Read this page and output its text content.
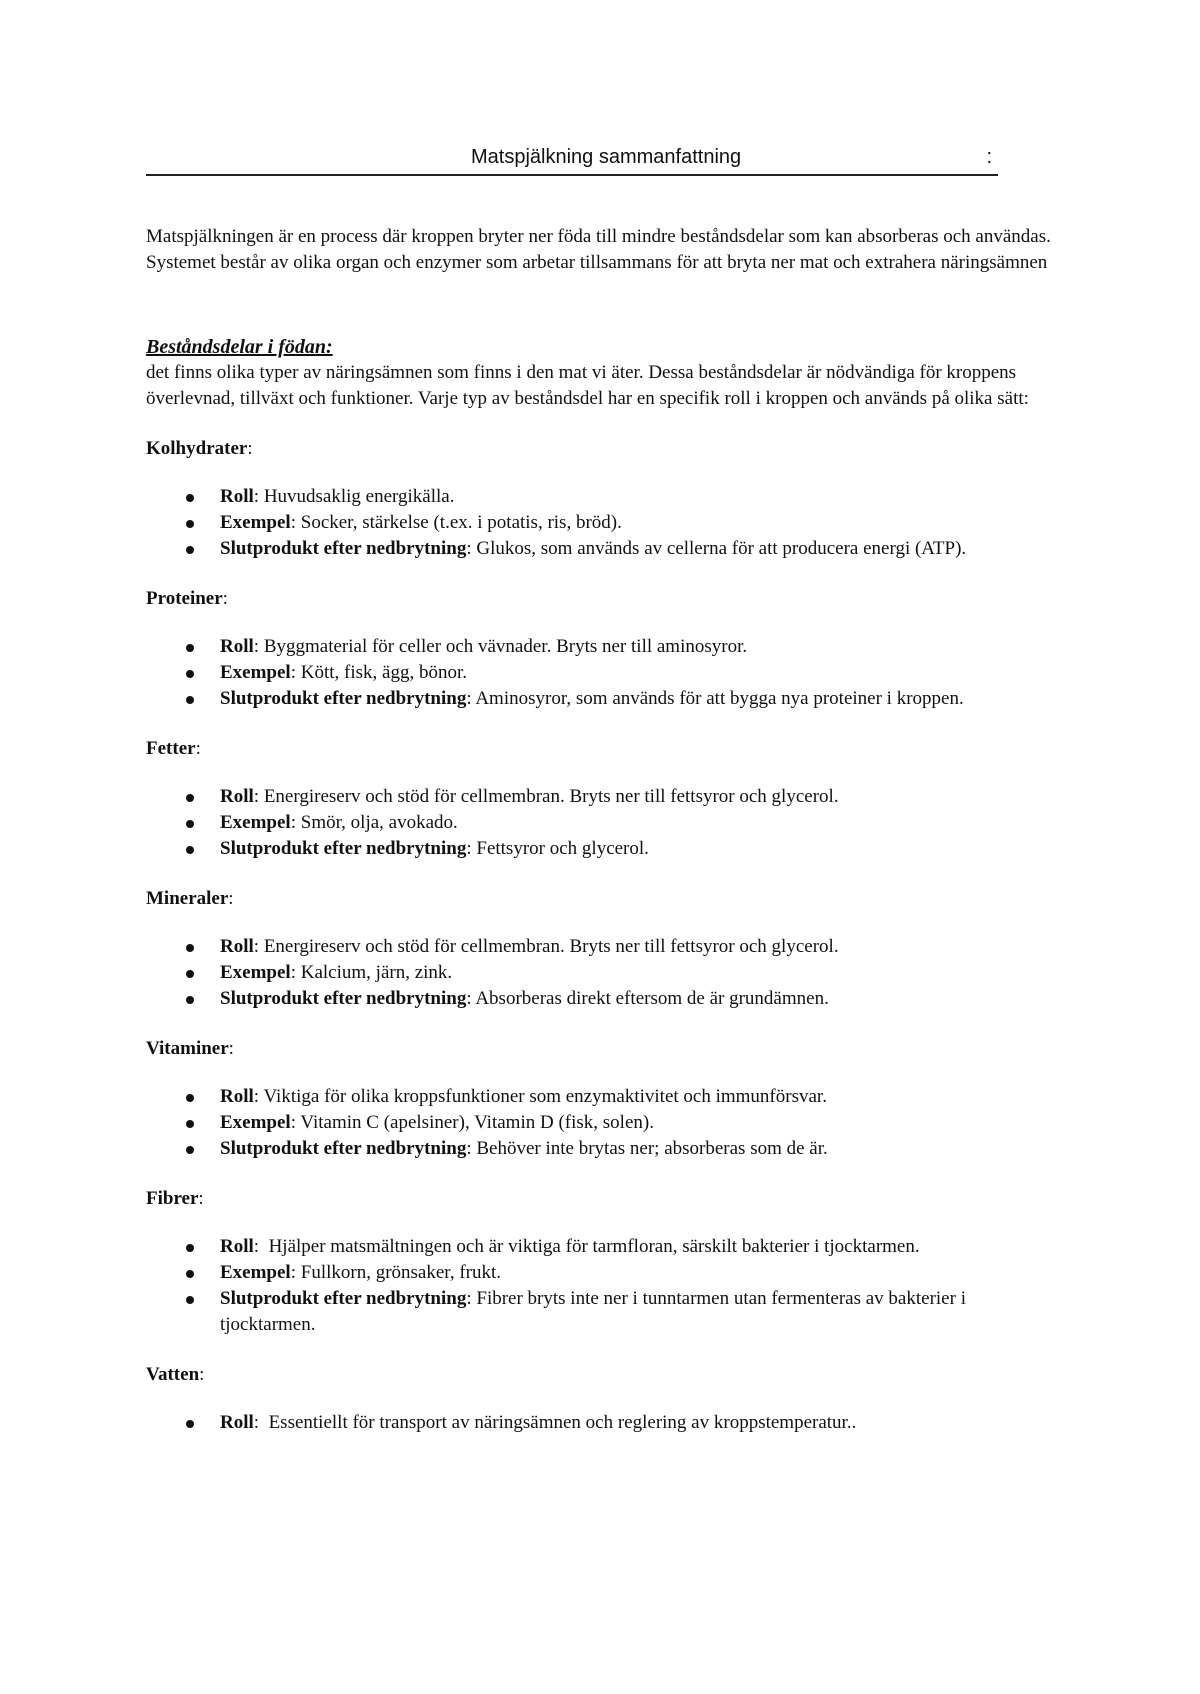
Matspjälkning sammanfattning	:

Matspjälkningen är en process där kroppen bryter ner föda till mindre beståndsdelar som kan absorberas och användas. Systemet består av olika organ och enzymer som arbetar tillsammans för att bryta ner mat och extrahera näringsämnen

Beståndsdelar i födan:

det finns olika typer av näringsämnen som finns i den mat vi äter. Dessa beståndsdelar är nödvändiga för kroppens överlevnad, tillväxt och funktioner. Varje typ av beståndsdel har en specifik roll i kroppen och används på olika sätt:

Kolhydrater:

Roll: Huvudsaklig energikälla.
Exempel: Socker, stärkelse (t.ex. i potatis, ris, bröd).
Slutprodukt efter nedbrytning: Glukos, som används av cellerna för att producera energi (ATP).

Proteiner:

Roll: Byggmaterial för celler och vävnader. Bryts ner till aminosyror.
Exempel: Kött, fisk, ägg, bönor.
Slutprodukt efter nedbrytning: Aminosyror, som används för att bygga nya proteiner i kroppen.

Fetter:

Roll: Energireserv och stöd för cellmembran. Bryts ner till fettsyror och glycerol.
Exempel: Smör, olja, avokado.
Slutprodukt efter nedbrytning: Fettsyror och glycerol.

Mineraler:

Roll: Energireserv och stöd för cellmembran. Bryts ner till fettsyror och glycerol.
Exempel: Kalcium, järn, zink.
Slutprodukt efter nedbrytning: Absorberas direkt eftersom de är grundämnen.

Vitaminer:

Roll: Viktiga för olika kroppsfunktioner som enzymaktivitet och immunförsvar.
Exempel: Vitamin C (apelsiner), Vitamin D (fisk, solen).
Slutprodukt efter nedbrytning: Behöver inte brytas ner; absorberas som de är.

Fibrer:

Roll:  Hjälper matsmältningen och är viktiga för tarmfloran, särskilt bakterier i tjocktarmen.
Exempel: Fullkorn, grönsaker, frukt.
Slutprodukt efter nedbrytning: Fibrer bryts inte ner i tunntarmen utan fermenteras av bakterier i tjocktarmen.

Vatten:

Roll:  Essentiellt för transport av näringsämnen och reglering av kroppstemperatur..
